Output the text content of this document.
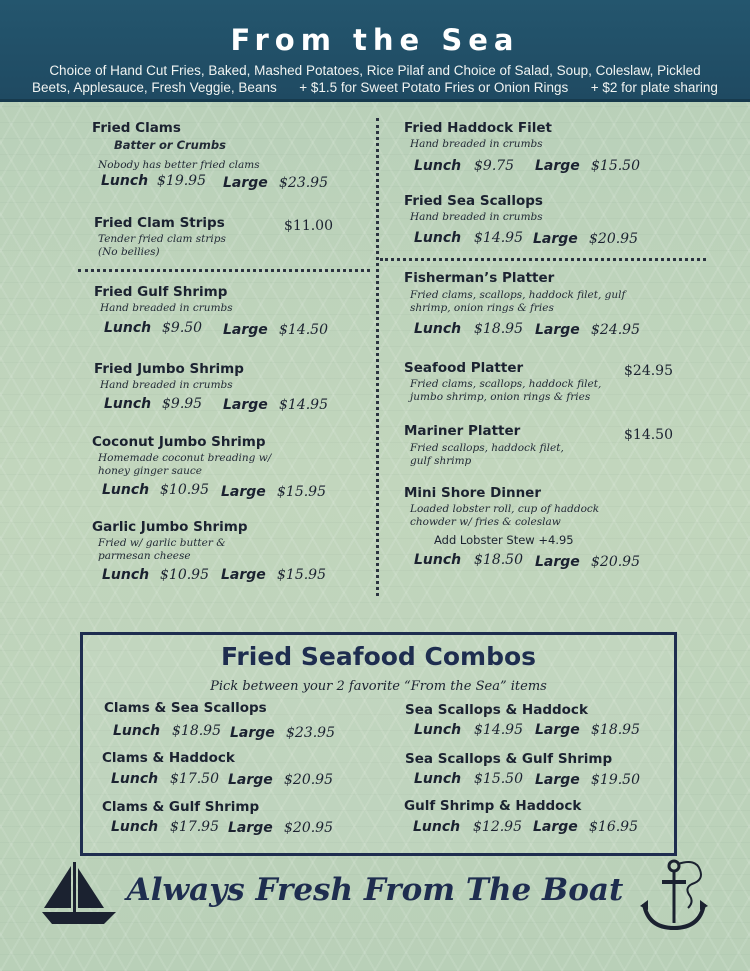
From the Sea
Choice of Hand Cut Fries, Baked, Mashed Potatoes, Rice Pilaf and Choice of Salad, Soup, Coleslaw, Pickled
Beets, Applesauce, Fresh Veggie, Beans      + $1.5 for Sweet Potato Fries or Onion Rings      + $2 for plate sharing
Fried Clams
Batter or Crumbs
Nobody has better fried clams
Lunch $19.95 Large $23.95
Fried Clam Strips	$11.00
Tender fried clam strips
(No bellies)
Fried Gulf Shrimp
Hand breaded in crumbs
Lunch $9.50 Large $14.50
Fried Jumbo Shrimp
Hand breaded in crumbs
Lunch $9.95 Large $14.95
Coconut Jumbo Shrimp
Homemade coconut breading w/
honey ginger sauce
Lunch $10.95 Large $15.95
Garlic Jumbo Shrimp
Fried w/ garlic butter &
parmesan cheese
Lunch $10.95 Large $15.95
Fried Haddock Filet
Hand breaded in crumbs
Lunch $9.75 Large $15.50
Fried Sea Scallops
Hand breaded in crumbs
Lunch $14.95 Large $20.95
Fisherman’s Platter
Fried clams, scallops, haddock filet, gulf
shrimp, onion rings & fries
Lunch $18.95 Large $24.95
Seafood Platter	$24.95
Fried clams, scallops, haddock filet,
jumbo shrimp, onion rings & fries
Mariner Platter	$14.50
Fried scallops, haddock filet,
gulf shrimp
Mini Shore Dinner
Loaded lobster roll, cup of haddock
chowder w/ fries & coleslaw
Add Lobster Stew +4.95
Lunch $18.50 Large $20.95
Fried Seafood Combos
Pick between your 2 favorite “From the Sea” items
Clams & Sea Scallops
Lunch $18.95 Large $23.95
Clams & Haddock
Lunch $17.50 Large $20.95
Clams & Gulf Shrimp
Lunch $17.95 Large $20.95
Sea Scallops & Haddock
Lunch $14.95 Large $18.95
Sea Scallops & Gulf Shrimp
Lunch $15.50 Large $19.50
Gulf Shrimp & Haddock
Lunch $12.95 Large $16.95
Always Fresh From The Boat
